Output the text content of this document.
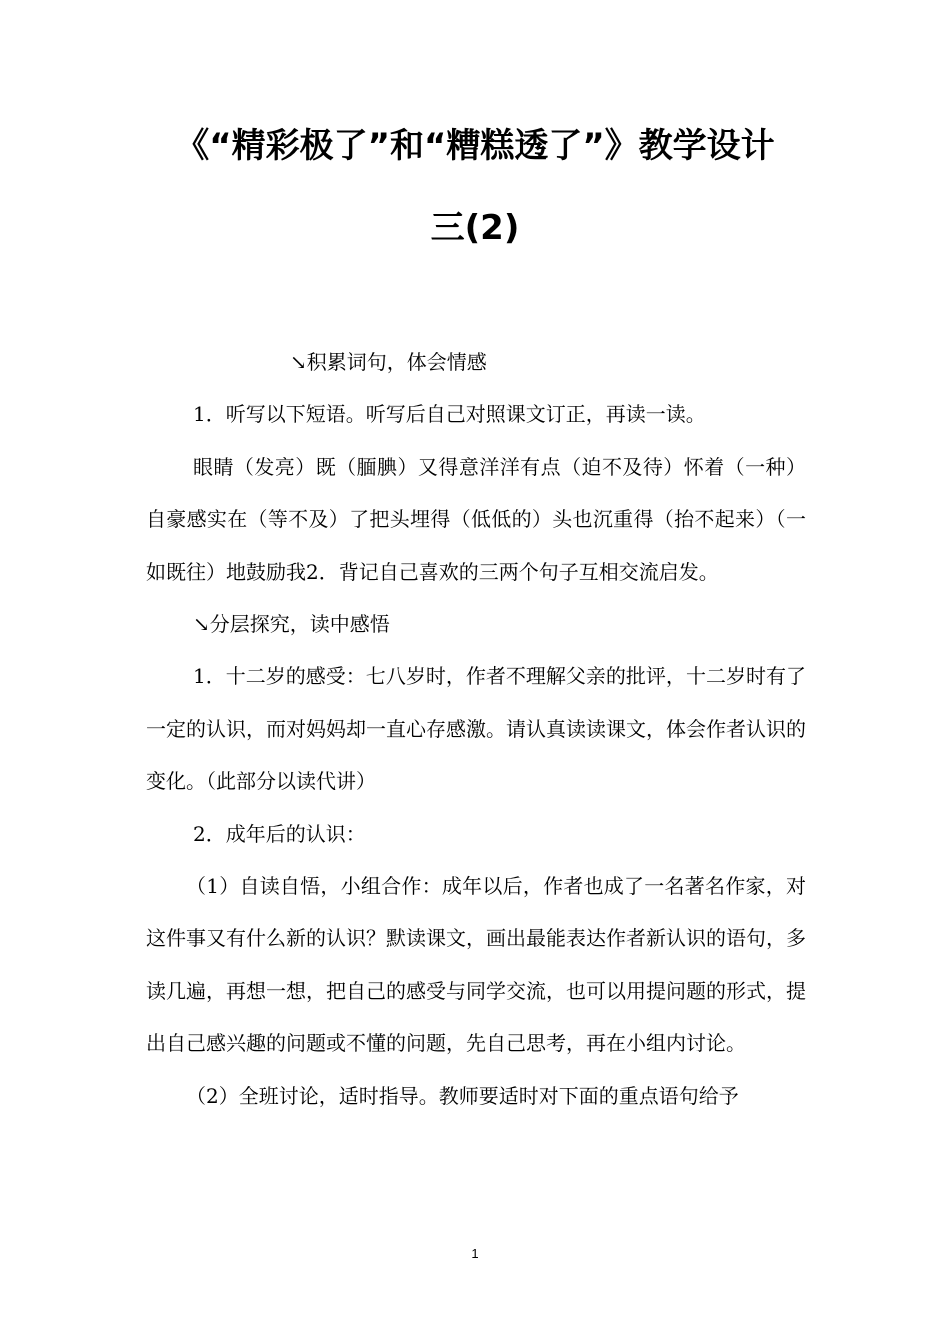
《“精彩极了”和“糟糕透了”》教学设计
三(2)

↘积累词句，体会情感

1．听写以下短语。听写后自己对照课文订正，再读一读。

眼睛（发亮）既（腼腆）又得意洋洋有点（迫不及待）怀着（一种）自豪感实在（等不及）了把头埋得（低低的）头也沉重得（抬不起来）（一如既往）地鼓励我2．背记自己喜欢的三两个句子互相交流启发。

↘分层探究，读中感悟

1．十二岁的感受：七八岁时，作者不理解父亲的批评，十二岁时有了一定的认识，而对妈妈却一直心存感激。请认真读读课文，体会作者认识的变化。（此部分以读代讲）

2．成年后的认识：

（1）自读自悟，小组合作：成年以后，作者也成了一名著名作家，对这件事又有什么新的认识？默读课文，画出最能表达作者新认识的语句，多读几遍，再想一想，把自己的感受与同学交流，也可以用提问题的形式，提出自己感兴趣的问题或不懂的问题，先自己思考，再在小组内讨论。

（2）全班讨论，适时指导。教师要适时对下面的重点语句给予

1
